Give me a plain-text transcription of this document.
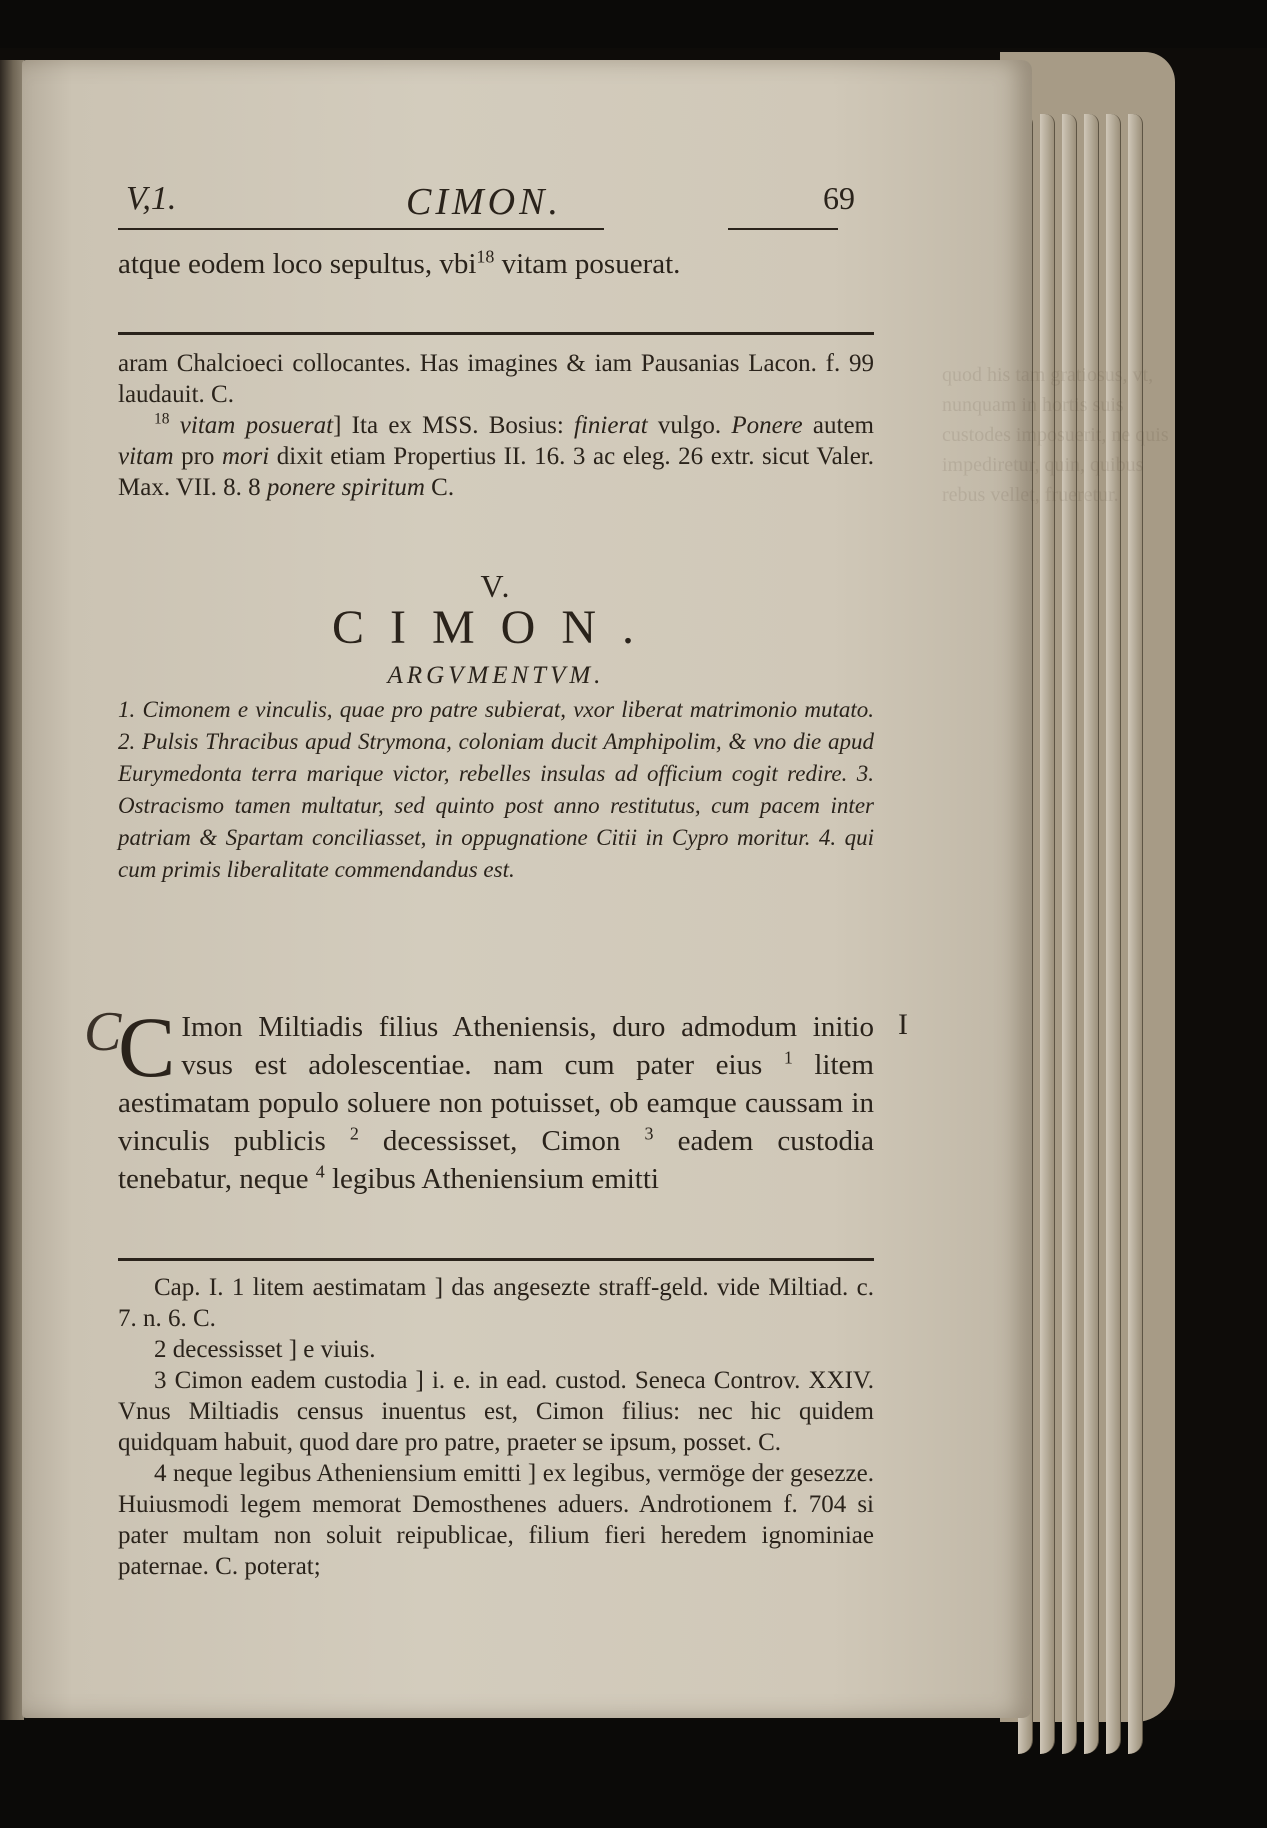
quod his tam gratiosus, vt, nunquam in hortis suis custodes imposuerit, ne quis impediretur, quin, quibus rebus vellet, frueretur.
V,1.	CIMON.	69
atque eodem loco sepultus, vbi$^{18}$ vitam posuerat.

aram Chalcioeci collocantes. Has imagines & iam Pausanias Lacon. f. 99 laudauit. C.

$^{18}$ vitam posuerat] Ita ex MSS. Bosius: finierat vulgo. Ponere autem vitam pro mori dixit etiam Propertius II. 16. 3 ac eleg. 26 extr. sicut Valer. Max. VII. 8. 8 ponere spiritum C.

V.
CIMON.
ARGVMENTVM.
1. Cimonem e vinculis, quae pro patre subierat, vxor liberat matrimonio mutato. 2. Pulsis Thracibus apud Strymona, coloniam ducit Amphipolim, & vno die apud Eurymedonta terra marique victor, rebelles insulas ad officium cogit redire. 3. Ostracismo tamen multatur, sed quinto post anno restitutus, cum pacem inter patriam & Spartam conciliasset, in oppugnatione Citii in Cypro moritur. 4. qui cum primis liberalitate commendandus est.
C	I
C Imon Miltiadis filius Atheniensis, duro admodum initio vsus est adolescentiae. nam cum pater eius $^1$ litem aestimatam populo soluere non potuisset, ob eamque caussam in vinculis publicis $^2$ decessisset, Cimon $^3$ eadem custodia tenebatur, neque $^4$ legibus Atheniensium emitti

Cap. I. 1 litem aestimatam ] das angesezte straff-geld. vide Miltiad. c. 7. n. 6. C.

2 decessisset ] e viuis.

3 Cimon eadem custodia ] i. e. in ead. custod. Seneca Controv. XXIV. Vnus Miltiadis census inuentus est, Cimon filius: nec hic quidem quidquam habuit, quod dare pro patre, praeter se ipsum, posset. C.

4 neque legibus Atheniensium emitti ] ex legibus, vermöge der gesezze. Huiusmodi legem memorat Demosthenes aduers. Androtionem f. 704 si pater multam non soluit reipublicae, filium fieri heredem ignominiae paternae. C. poterat;
